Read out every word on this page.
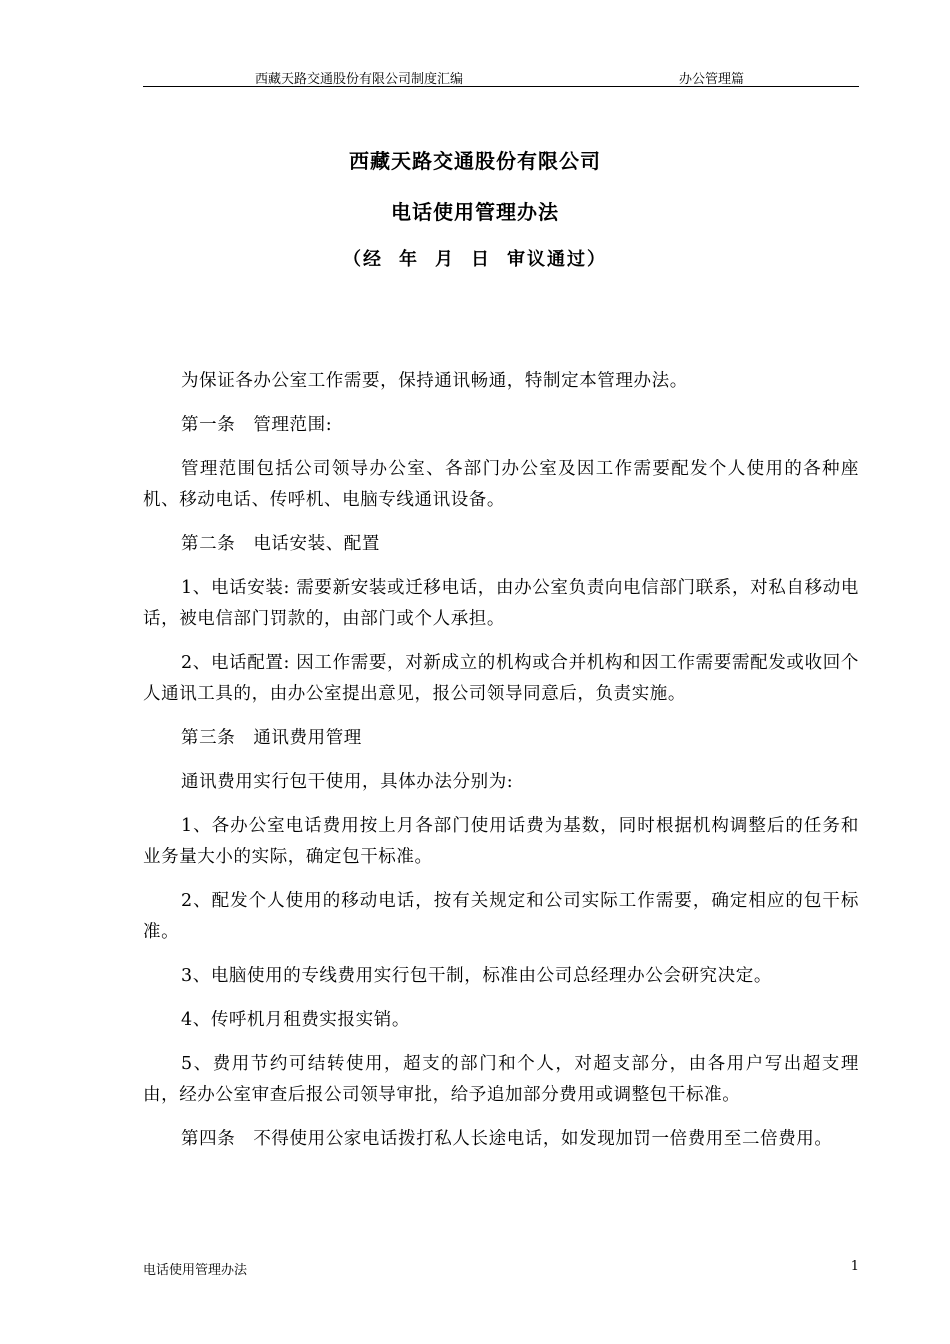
西藏天路交通股份有限公司制度汇编	办公管理篇
西藏天路交通股份有限公司
电话使用管理办法
（经 年 月 日 审议通过）

为保证各办公室工作需要，保持通讯畅通，特制定本管理办法。

第一条 管理范围:

管理范围包括公司领导办公室、各部门办公室及因工作需要配发个人使用的各种座机、移动电话、传呼机、电脑专线通讯设备。

第二条 电话安装、配置

1、电话安装: 需要新安装或迁移电话，由办公室负责向电信部门联系，对私自移动电话，被电信部门罚款的，由部门或个人承担。

2、电话配置: 因工作需要，对新成立的机构或合并机构和因工作需要需配发或收回个人通讯工具的，由办公室提出意见，报公司领导同意后，负责实施。

第三条 通讯费用管理

通讯费用实行包干使用，具体办法分别为:

1、各办公室电话费用按上月各部门使用话费为基数，同时根据机构调整后的任务和业务量大小的实际，确定包干标准。

2、配发个人使用的移动电话，按有关规定和公司实际工作需要，确定相应的包干标准。

3、电脑使用的专线费用实行包干制，标准由公司总经理办公会研究决定。

4、传呼机月租费实报实销。

5、费用节约可结转使用，超支的部门和个人，对超支部分，由各用户写出超支理由，经办公室审查后报公司领导审批，给予追加部分费用或调整包干标准。

第四条 不得使用公家电话拨打私人长途电话，如发现加罚一倍费用至二倍费用。

电话使用管理办法	1
